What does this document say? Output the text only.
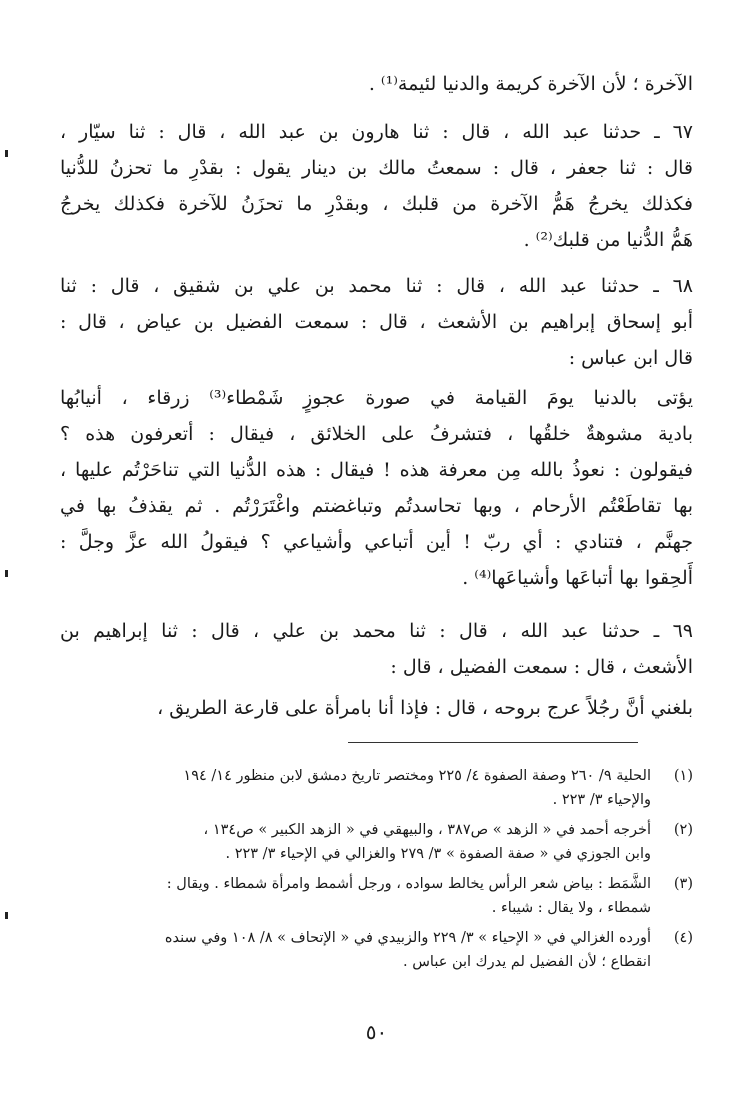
الآخرة ؛ لأن الآخرة كريمة والدنيا لئيمة⁽¹⁾ .
٦٧ ـ حدثنا عبد الله ، قال : ثنا هارون بن عبد الله ، قال : ثنا سيّار ،
قال : ثنا جعفر ، قال : سمعتُ مالك بن دينار يقول : بقدْرِ ما تحزنُ للدُّنيا
فكذلك يخرجُ هَمُّ الآخرة من قلبك ، وبقدْرِ ما تحزَنُ للآخرة فكذلك يخرجُ
هَمُّ الدُّنيا من قلبك⁽²⁾ .
٦٨ ـ حدثنا عبد الله ، قال : ثنا محمد بن علي بن شقيق ، قال : ثنا
أبو إسحاق إبراهيم بن الأشعث ، قال : سمعت الفضيل بن عياض ، قال :
قال ابن عباس :
يؤتى بالدنيا يومَ القيامة في صورة عجوزٍ شَمْطاء⁽³⁾ زرقاء ، أنيابُها
بادية مشوهةٌ خلقُها ، فتشرفُ على الخلائق ، فيقال : أتعرفون هذه ؟
فيقولون : نعوذُ بالله مِن معرفة هذه ! فيقال : هذه الدُّنيا التي تناحَرْتُم عليها ،
بها تقاطَعْتُم الأرحام ، وبها تحاسدتُم وتباغضتم واغْتَرَرْتُم . ثم يقذفُ بها في
جهنَّم ، فتنادي : أي ربّ ! أين أتباعي وأشياعي ؟ فيقولُ الله عزَّ وجلَّ :
أَلحِقوا بها أتباعَها وأشياعَها⁽⁴⁾ .
٦٩ ـ حدثنا عبد الله ، قال : ثنا محمد بن علي ، قال : ثنا إبراهيم بن
الأشعث ، قال : سمعت الفضيل ، قال :
بلغني أنَّ رجُلاً عرج بروحه ، قال : فإذا أنا بامرأة على قارعة الطريق ،
(١)
الحلية ٩/ ٢٦٠ وصفة الصفوة ٤/ ٢٢٥ ومختصر تاريخ دمشق لابن منظور ١٤/ ١٩٤
والإحياء ٣/ ٢٢٣ .
(٢)
أخرجه أحمد في « الزهد » ص٣٨٧ ، والبيهقي في « الزهد الكبير » ص١٣٤ ،
وابن الجوزي في « صفة الصفوة » ٣/ ٢٧٩ والغزالي في الإحياء ٣/ ٢٢٣ .
(٣)
الشَّمَط : بياض شعر الرأس يخالط سواده ، ورجل أشمط وامرأة شمطاء . ويقال :
شمطاء ، ولا يقال : شيباء .
(٤)
أورده الغزالي في « الإحياء » ٣/ ٢٢٩ والزبيدي في « الإتحاف » ٨/ ١٠٨ وفي سنده
انقطاع ؛ لأن الفضيل لم يدرك ابن عباس .
٥٠
